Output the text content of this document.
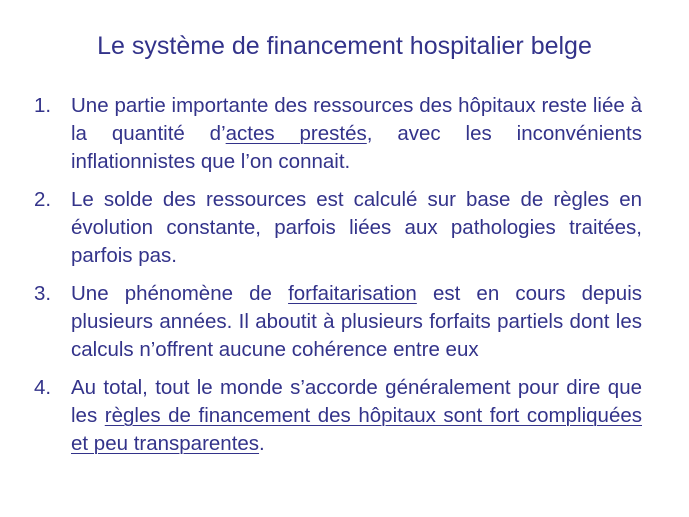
Le système de financement hospitalier belge
1. Une partie importante des ressources des hôpitaux reste liée à la quantité d’actes prestés, avec les inconvénients inflationnistes que l’on connait.
2. Le solde des ressources est calculé sur base de règles en évolution constante, parfois liées aux pathologies traitées, parfois pas.
3. Une phénomène de forfaitarisation est en cours depuis plusieurs années. Il aboutit à plusieurs forfaits partiels dont les calculs n’offrent aucune cohérence entre eux
4. Au total, tout le monde s’accorde généralement pour dire que les règles de financement des hôpitaux sont fort compliquées et peu transparentes.
